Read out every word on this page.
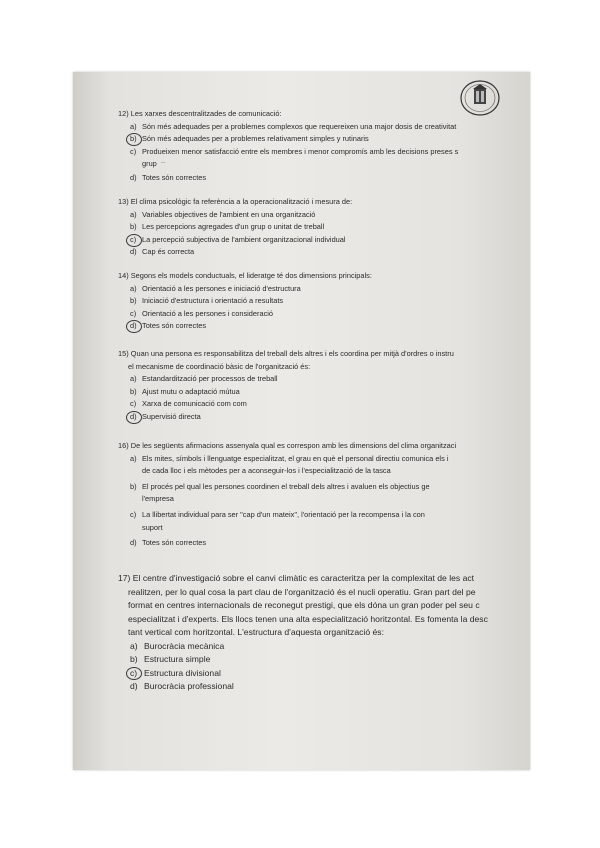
12) Les xarxes descentralitzades de comunicació:
a) Són més adequades per a problemes complexos que requereixen una major dosis de creativitat
b) Són més adequades per a problemes relativament simples y rutinaris
c) Produeixen menor satisfacció entre els membres i menor compromís amb les decisions preses s
grup ᐨᐨ
d) Totes són correctes
13) El clima psicològic fa referència a la operacionalització i mesura de:
a) Variables objectives de l'ambient en una organització
b) Les percepcions agregades d'un grup o unitat de treball
c) La percepció subjectiva de l'ambient organitzacional individual
d) Cap és correcta
14) Segons els models conductuals, el lideratge té dos dimensions principals:
a) Orientació a les persones e iniciació d'estructura
b) Iniciació d'estructura i orientació a resultats
c) Orientació a les persones i consideració
d) Totes són correctes
15) Quan una persona es responsabilitza del treball dels altres i els coordina per mitjà d'ordres o instru
el mecanisme de coordinació bàsic de l'organització és:
a) Estandardització per processos de treball
b) Ajust mutu o adaptació mútua
c) Xarxa de comunicació com com
d) Supervisió directa
16) De les següents afirmacions assenyala qual es correspon amb les dimensions del clima organitzaci
a) Els mites, símbols i llenguatge especialitzat, el grau en què el personal directiu comunica els i
de cada lloc i els mètodes per a aconseguir-los i l'especialització de la tasca
b) El procés pel qual les persones coordinen el treball dels altres i avaluen els objectius ge
l'empresa
c) La llibertat individual para ser "cap d'un mateix", l'orientació per la recompensa i la con
suport
d) Totes són correctes
17) El centre d'investigació sobre el canvi climàtic es caracteritza per la complexitat de les act
realitzen, per lo qual cosa la part clau de l'organització és el nucli operatiu. Gran part del pe
format en centres internacionals de reconegut prestigi, que els dóna un gran poder pel seu c
especialitzat i d'experts. Els llocs tenen una alta especialització horitzontal. Es fomenta la desc
tant vertical com horitzontal. L'estructura d'aquesta organització és:
a) Burocràcia mecànica
b) Estructura simple
c) Estructura divisional
d) Burocràcia professional
